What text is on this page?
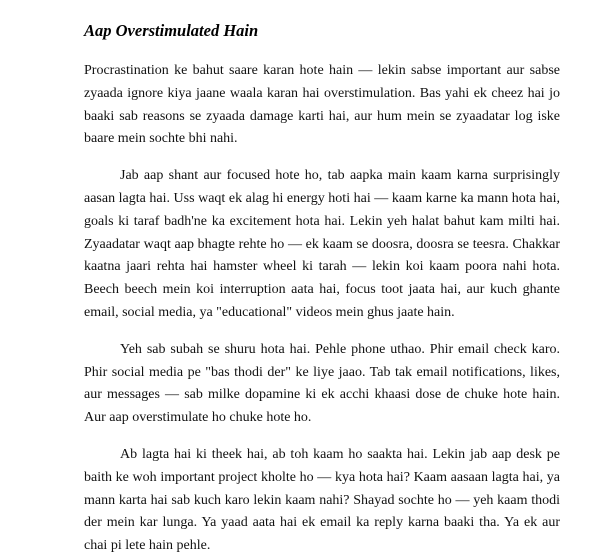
Aap Overstimulated Hain

Procrastination ke bahut saare karan hote hain — lekin sabse important aur sabse zyaada ignore kiya jaane waala karan hai overstimulation. Bas yahi ek cheez hai jo baaki sab reasons se zyaada damage karti hai, aur hum mein se zyaadatar log iske baare mein sochte bhi nahi.

Jab aap shant aur focused hote ho, tab aapka main kaam karna surprisingly aasan lagta hai. Uss waqt ek alag hi energy hoti hai — kaam karne ka mann hota hai, goals ki taraf badh'ne ka excitement hota hai. Lekin yeh halat bahut kam milti hai. Zyaadatar waqt aap bhagte rehte ho — ek kaam se doosra, doosra se teesra. Chakkar kaatna jaari rehta hai hamster wheel ki tarah — lekin koi kaam poora nahi hota. Beech beech mein koi interruption aata hai, focus toot jaata hai, aur kuch ghante email, social media, ya "educational" videos mein ghus jaate hain.

Yeh sab subah se shuru hota hai. Pehle phone uthao. Phir email check karo. Phir social media pe "bas thodi der" ke liye jaao. Tab tak email notifications, likes, aur messages — sab milke dopamine ki ek acchi khaasi dose de chuke hote hain. Aur aap overstimulate ho chuke hote ho.

Ab lagta hai ki theek hai, ab toh kaam ho saakta hai. Lekin jab aap desk pe baith ke woh important project kholte ho — kya hota hai? Kaam aasaan lagta hai, ya mann karta hai sab kuch karo lekin kaam nahi? Shayad sochte ho — yeh kaam thodi der mein kar lunga. Ya yaad aata hai ek email ka reply karna baaki tha. Ya ek aur chai pi lete hain pehle.
